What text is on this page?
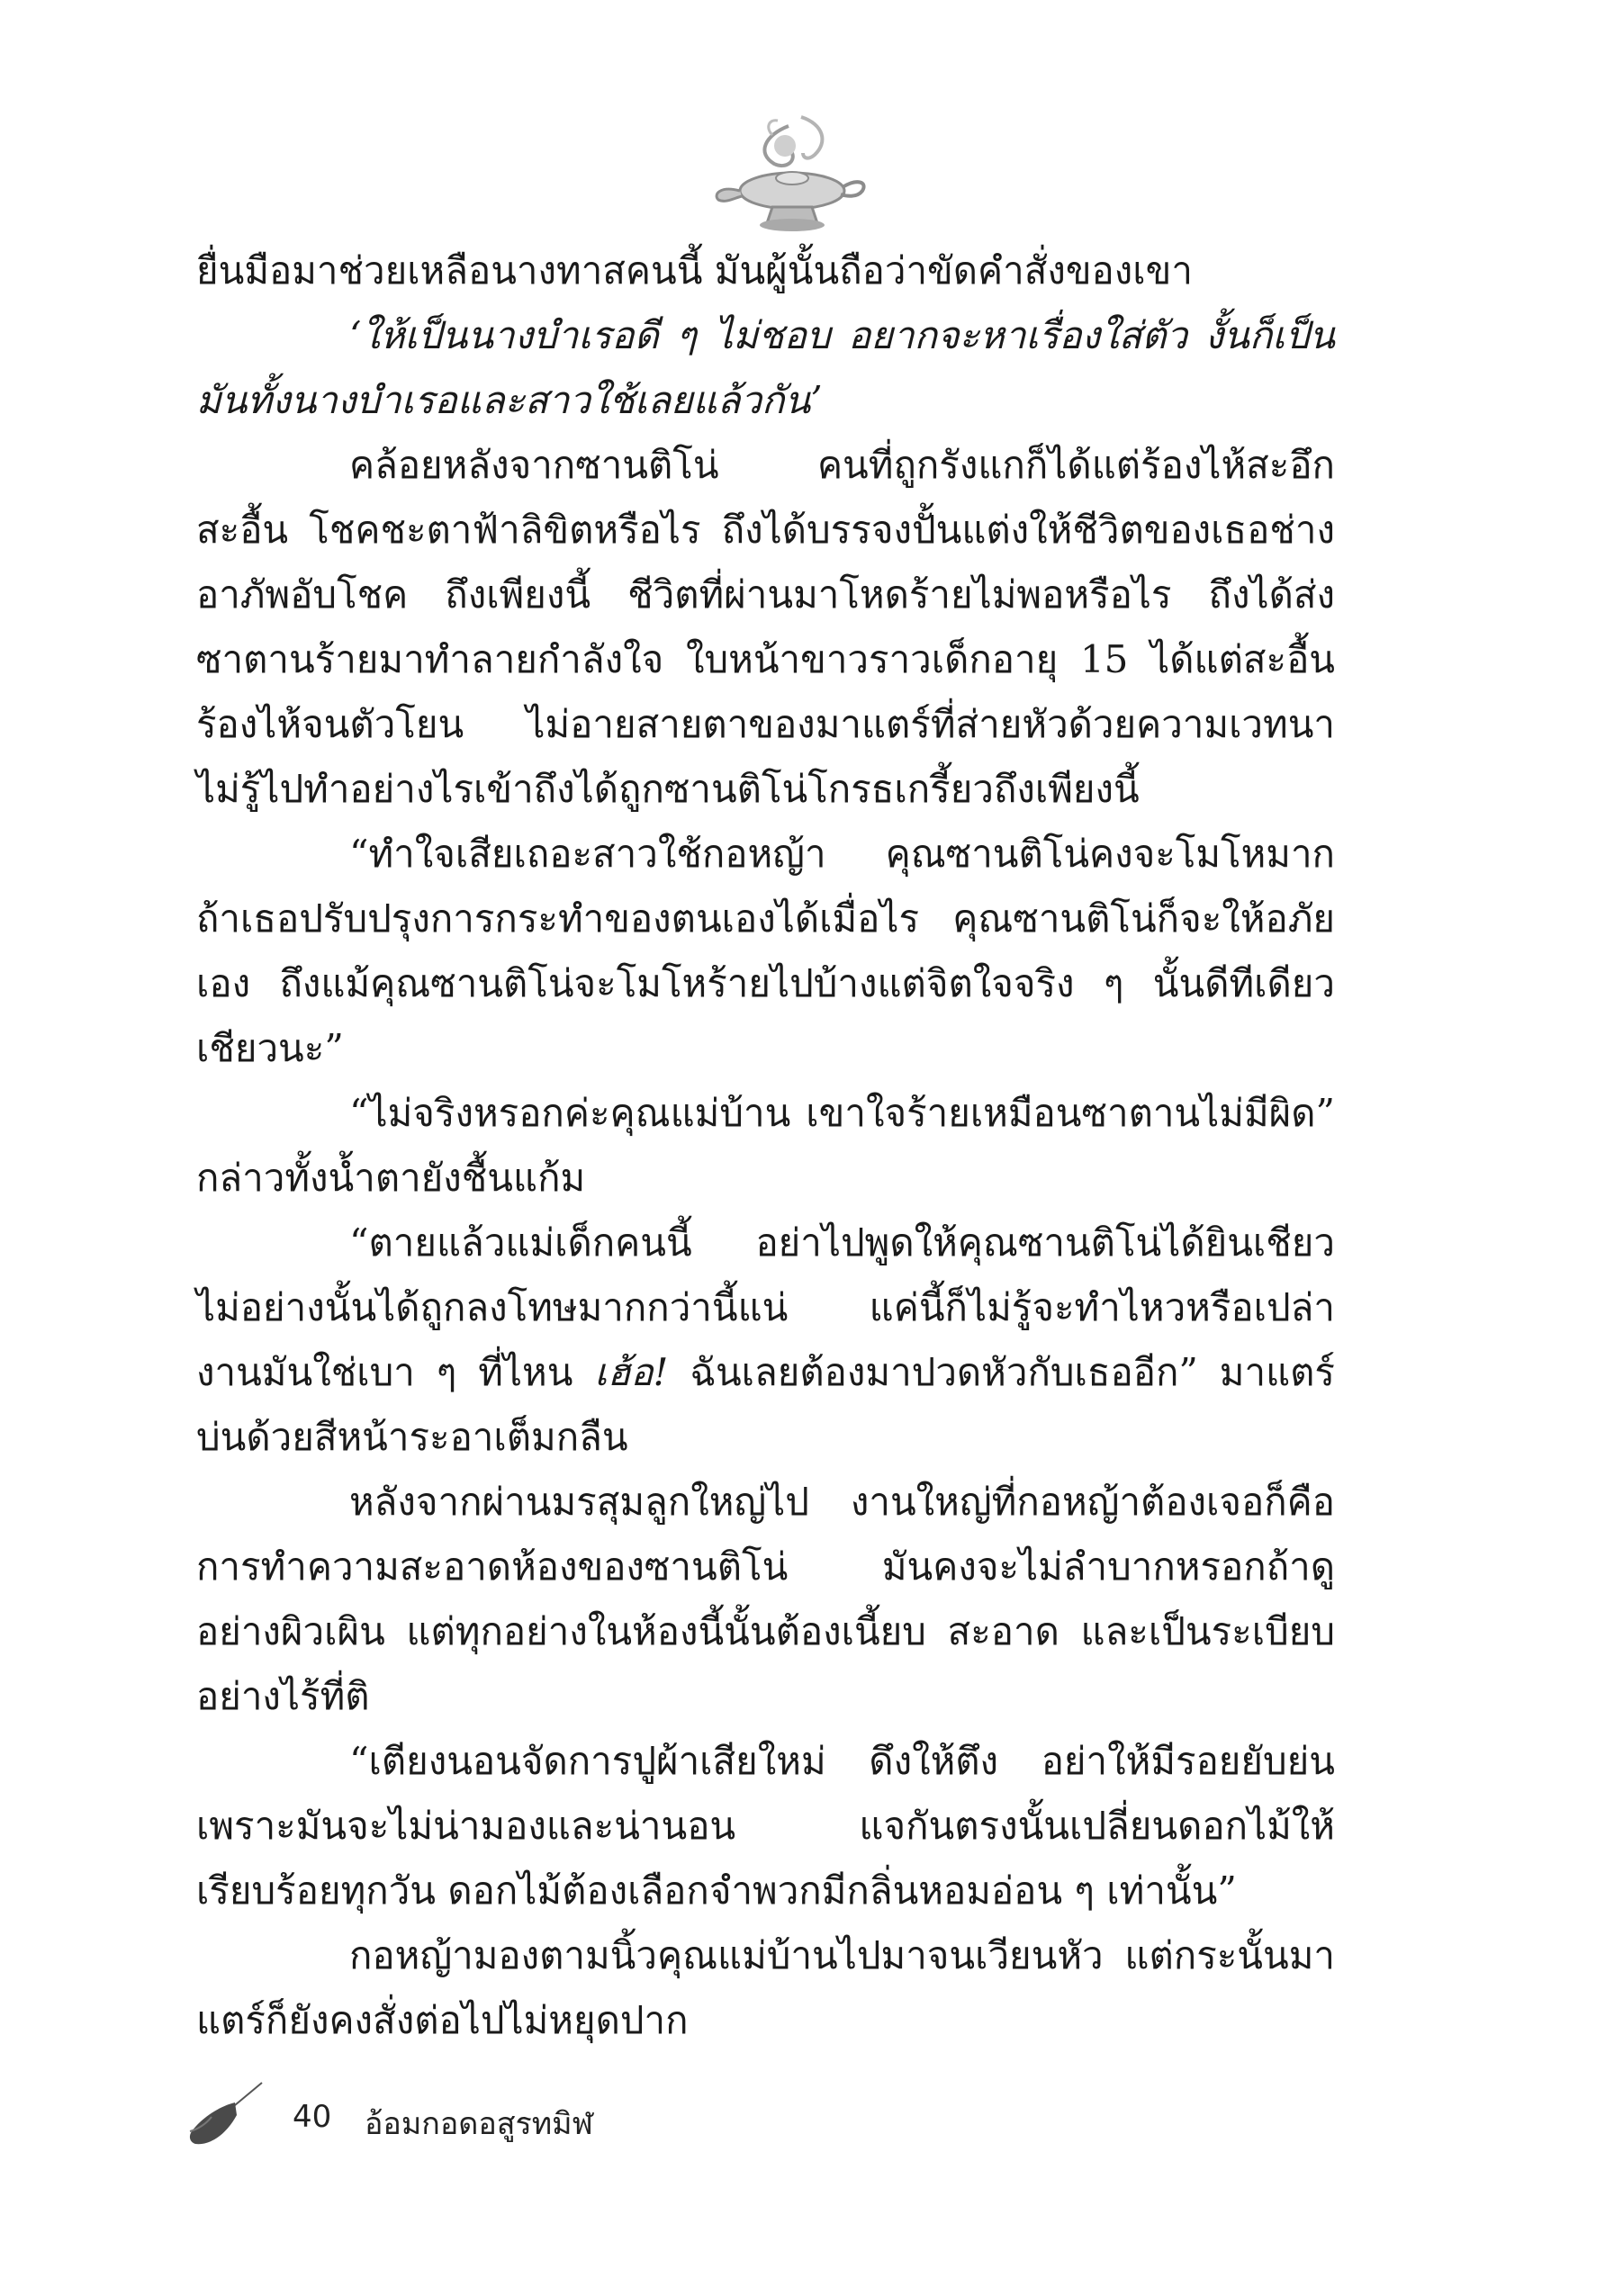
ยื่นมือมาช่วยเหลือนางทาสคนนี้ มันผู้นั้นถือว่าขัดคำสั่งของเขา

‘ให้เป็นนางบำเรอดี ๆ ไม่ชอบ อยากจะหาเรื่องใส่ตัว งั้นก็เป็นมันทั้งนางบำเรอและสาวใช้เลยแล้วกัน’

คล้อยหลังจากซานติโน่ คนที่ถูกรังแกก็ได้แต่ร้องไห้สะอึกสะอื้น โชคชะตาฟ้าลิขิตหรือไร ถึงได้บรรจงปั้นแต่งให้ชีวิตของเธอช่างอาภัพอับโชค ถึงเพียงนี้ ชีวิตที่ผ่านมาโหดร้ายไม่พอหรือไร ถึงได้ส่งซาตานร้ายมาทำลายกำลังใจ ใบหน้าขาวราวเด็กอายุ 15 ได้แต่สะอื้นร้องไห้จนตัวโยน ไม่อายสายตาของมาแตร์ที่ส่ายหัวด้วยความเวทนา ไม่รู้ไปทำอย่างไรเข้าถึงได้ถูกซานติโน่โกรธเกรี้ยวถึงเพียงนี้

“ทำใจเสียเถอะสาวใช้กอหญ้า คุณซานติโน่คงจะโมโหมาก ถ้าเธอปรับปรุงการกระทำของตนเองได้เมื่อไร คุณซานติโน่ก็จะให้อภัยเอง ถึงแม้คุณซานติโน่จะโมโหร้ายไปบ้างแต่จิตใจจริง ๆ นั้นดีทีเดียวเชียวนะ”

“ไม่จริงหรอกค่ะคุณแม่บ้าน เขาใจร้ายเหมือนซาตานไม่มีผิด” กล่าวทั้งน้ำตายังชื้นแก้ม

“ตายแล้วแม่เด็กคนนี้ อย่าไปพูดให้คุณซานติโน่ได้ยินเชียว ไม่อย่างนั้นได้ถูกลงโทษมากกว่านี้แน่ แค่นี้ก็ไม่รู้จะทำไหวหรือเปล่า งานมันใช่เบา ๆ ที่ไหน เฮ้อ! ฉันเลยต้องมาปวดหัวกับเธออีก” มาแตร์บ่นด้วยสีหน้าระอาเต็มกลืน

หลังจากผ่านมรสุมลูกใหญ่ไป งานใหญ่ที่กอหญ้าต้องเจอก็คือการทำความสะอาดห้องของซานติโน่ มันคงจะไม่ลำบากหรอกถ้าดูอย่างผิวเผิน แต่ทุกอย่างในห้องนี้นั้นต้องเนี้ยบ สะอาด และเป็นระเบียบอย่างไร้ที่ติ

“เตียงนอนจัดการปูผ้าเสียใหม่ ดึงให้ตึง อย่าให้มีรอยยับย่น เพราะมันจะไม่น่ามองและน่านอน แจกันตรงนั้นเปลี่ยนดอกไม้ให้เรียบร้อยทุกวัน ดอกไม้ต้องเลือกจำพวกมีกลิ่นหอมอ่อน ๆ เท่านั้น”

กอหญ้ามองตามนิ้วคุณแม่บ้านไปมาจนเวียนหัว แต่กระนั้นมาแตร์ก็ยังคงสั่งต่อไปไม่หยุดปาก

40 อ้อมกอดอสูรทมิฬ
